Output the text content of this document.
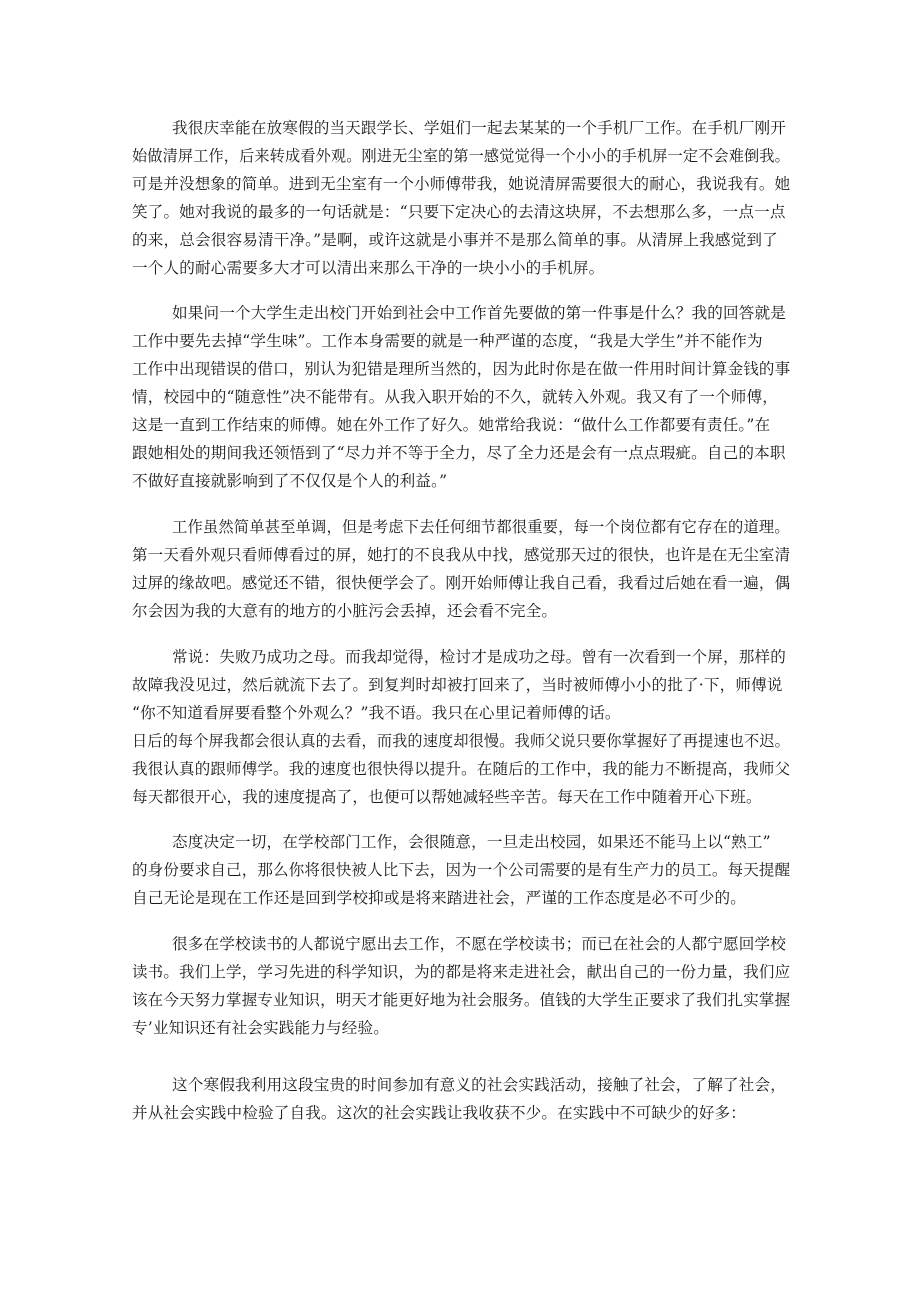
我很庆幸能在放寒假的当天跟学长、学姐们一起去某某的一个手机厂工作。在手机厂刚开
始做清屏工作，后来转成看外观。刚进无尘室的第一感觉觉得一个小小的手机屏一定不会难倒我。
可是并没想象的简单。进到无尘室有一个小师傅带我，她说清屏需要很大的耐心，我说我有。她
笑了。她对我说的最多的一句话就是：“只要下定决心的去清这块屏，不去想那么多，一点一点
的来，总会很容易清干净。”是啊，或许这就是小事并不是那么简单的事。从清屏上我感觉到了
一个人的耐心需要多大才可以清出来那么干净的一块小小的手机屏。
如果问一个大学生走出校门开始到社会中工作首先要做的第一件事是什么？我的回答就是
工作中要先去掉“学生味”。工作本身需要的就是一种严谨的态度，“我是大学生”并不能作为
工作中出现错误的借口，别认为犯错是理所当然的，因为此时你是在做一件用时间计算金钱的事
情，校园中的“随意性”决不能带有。从我入职开始的不久，就转入外观。我又有了一个师傅，
这是一直到工作结束的师傅。她在外工作了好久。她常给我说：“做什么工作都要有责任。”在
跟她相处的期间我还领悟到了“尽力并不等于全力，尽了全力还是会有一点点瑕疵。自己的本职
不做好直接就影响到了不仅仅是个人的利益。”
工作虽然简单甚至单调，但是考虑下去任何细节都很重要，每一个岗位都有它存在的道理。
第一天看外观只看师傅看过的屏，她打的不良我从中找，感觉那天过的很快，也许是在无尘室清
过屏的缘故吧。感觉还不错，很快便学会了。刚开始师傅让我自己看，我看过后她在看一遍，偶
尔会因为我的大意有的地方的小脏污会丢掉，还会看不完全。
常说：失败乃成功之母。而我却觉得，检讨才是成功之母。曾有一次看到一个屏，那样的
故障我没见过，然后就流下去了。到复判时却被打回来了，当时被师傅小小的批了·下，师傅说
“你不知道看屏要看整个外观么？”我不语。我只在心里记着师傅的话。
日后的每个屏我都会很认真的去看，而我的速度却很慢。我师父说只要你掌握好了再提速也不迟。
我很认真的跟师傅学。我的速度也很快得以提升。在随后的工作中，我的能力不断提高，我师父
每天都很开心，我的速度提高了，也便可以帮她减轻些辛苦。每天在工作中随着开心下班。
态度决定一切，在学校部门工作，会很随意，一旦走出校园，如果还不能马上以“熟工”
的身份要求自己，那么你将很快被人比下去，因为一个公司需要的是有生产力的员工。每天提醒
自己无论是现在工作还是回到学校抑或是将来踏进社会，严谨的工作态度是必不可少的。
很多在学校读书的人都说宁愿出去工作，不愿在学校读书；而已在社会的人都宁愿回学校
读书。我们上学，学习先进的科学知识，为的都是将来走进社会，献出自己的一份力量，我们应
该在今天努力掌握专业知识，明天才能更好地为社会服务。值钱的大学生正要求了我们扎实掌握
专’业知识还有社会实践能力与经验。
这个寒假我利用这段宝贵的时间参加有意义的社会实践活动，接触了社会，了解了社会，
并从社会实践中检验了自我。这次的社会实践让我收获不少。在实践中不可缺少的好多：
